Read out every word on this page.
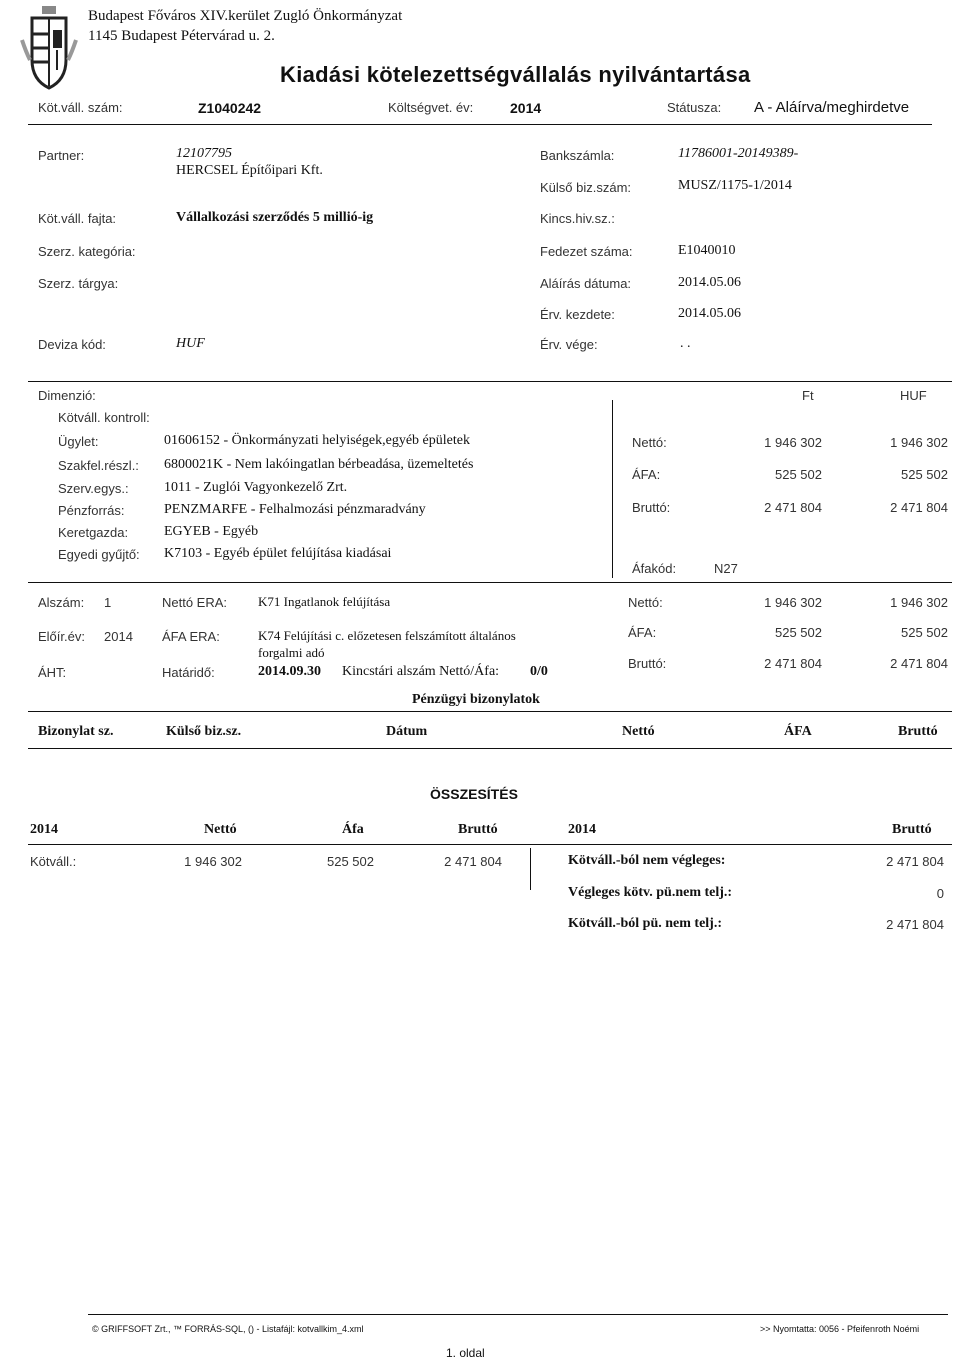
Budapest Főváros XIV.kerület Zugló Önkormányzat
1145 Budapest Pétervárad u. 2.
Kiadási kötelezettségvállalás nyilvántartása
Köt.váll. szám:	Z1040242	Költségvet. év:	2014	Státusza: A - Aláírva/meghirdetve
Partner:	12107795
HERCSEL Építőipari Kft.
Bankszámla:	11786001-20149389-
Külső biz.szám:	MUSZ/1175-1/2014
Köt.váll. fajta:	Vállalkozási szerződés 5 millió-ig	Kincs.hiv.sz.:
Szerz. kategória:	Fedezet száma:	E1040010
Szerz. tárgya:	Aláírás dátuma:	2014.05.06
Érv. kezdete:	2014.05.06
Deviza kód:	HUF	Érv. vége:	. .
Dimenzió:	Ft	HUF
Kötváll. kontroll:
Ügylet:	01606152 - Önkormányzati helyiségek,egyéb épületek
Szakfel.részl.: 6800021K - Nem lakóingatlan bérbeadása, üzemeltetés
Szerv.egys.:	1011 - Zuglói Vagyonkezelő Zrt.
Pénzforrás:	PENZMARFE - Felhalmozási pénzmaradvány
Keretgazda:	EGYEB - Egyéb
Egyedi gyűjtő: K7103 - Egyéb épület felújítása kiadásai
Nettó:	1 946 302	1 946 302
ÁFA:	525 502	525 502
Bruttó:	2 471 804	2 471 804
Áfakód:	N27
Alszám: 1	Nettó ERA: K71 Ingatlanok felújítása	Nettó:	1 946 302	1 946 302
Előír.év: 2014 ÁFA ERA:	K74 Felújítási c. előzetesen felszámított általános
forgalmi adó
ÁFA:	525 502	525 502
ÁHT:	Határidő:	2014.09.30 Kincstári alszám Nettó/Áfa: 0/0
Bruttó:	2 471 804	2 471 804
Pénzügyi bizonylatok
Bizonylat sz.	Külső biz.sz.	Dátum	Nettó	ÁFA	Bruttó
ÖSSZESÍTÉS
2014	Nettó	Áfa	Bruttó	2014	Bruttó
Kötváll.:	1 946 302	525 502	2 471 804	Kötváll.-ból nem végleges:	2 471 804
Végleges kötv. pü.nem telj.:	0
Kötváll.-ból pü. nem telj.:	2 471 804
© GRIFFSOFT Zrt., ™ FORRÁS-SQL, () - Listafájl: kotvallkim_4.xml	>> Nyomtatta: 0056 - Pfeifenroth Noémi
1. oldal
